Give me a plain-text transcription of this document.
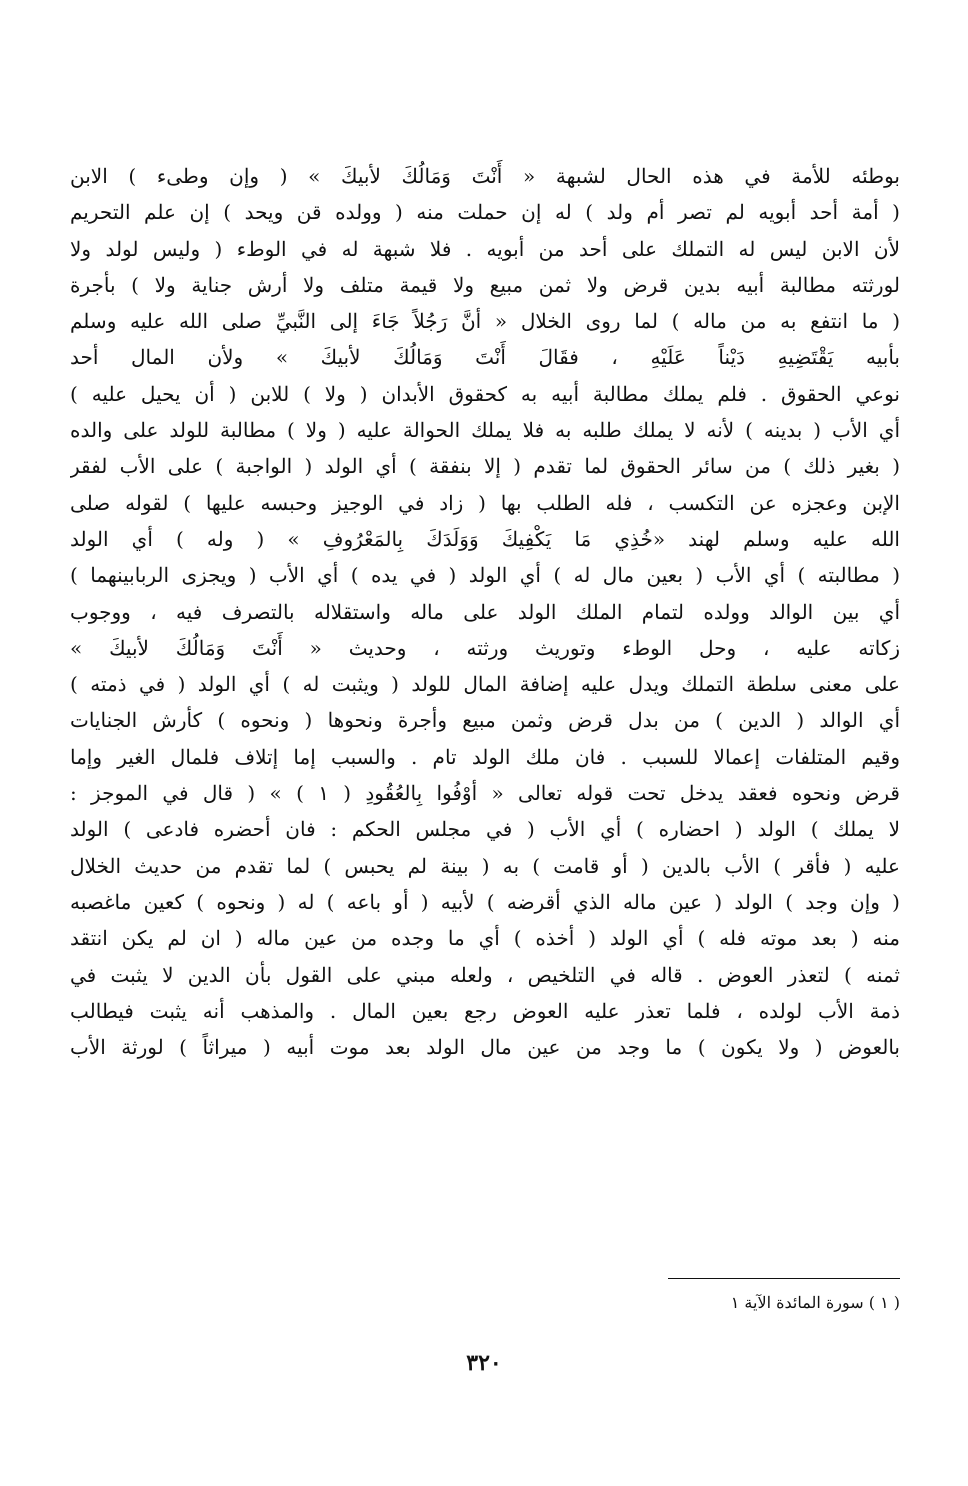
بوطئه للأمة في هذه الحال لشبهة « أَنْتَ وَمَالُكَ لأبيكَ » ( وإن وطىء ) الابن
( أمة أحد أبويه لم تصر أم ولد ) له إن حملت منه ( وولده قن ويحد ) إن علم التحريم
لأن الابن ليس له التملك على أحد من أبويه . فلا شبهة له في الوطء ( وليس لولد ولا
لورثته مطالبة أبيه بدين قرض ولا ثمن مبيع ولا قيمة متلف ولا أرش جناية ولا ) بأجرة
( ما انتفع به من ماله ) لما روى الخلال « أنَّ رَجُلاً جَاءَ إلى النَّبيِّ صلى الله عليه وسلم
بأبيه يَقْتَضِيهِ دَيْناً عَلَيْهِ ، فقَالَ أَنْتَ وَمَالُكَ لأبيكَ » ولأن المال أحد
نوعي الحقوق . فلم يملك مطالبة أبيه به كحقوق الأبدان ( ولا ) للابن ( أن يحيل عليه )
أي الأب ( بدينه ) لأنه لا يملك طلبه به فلا يملك الحوالة عليه ( ولا ) مطالبة للولد على والده
( بغير ذلك ) من سائر الحقوق لما تقدم ( إلا بنفقة ) أي الولد ( الواجبة ) على الأب لفقر
الإبن وعجزه عن التكسب ، فله الطلب بها ( زاد في الوجيز وحبسه عليها ) لقوله صلى
الله عليه وسلم لهند «خُذِي مَا يَكْفِيكَ وَوَلَدَكَ بِالمَعْرُوفِ » ( وله ) أي الولد
( مطالبته ) أي الأب ( بعين مال له ) أي الولد ( في يده ) أي الأب ( ويجزى الربابينهما )
أي بين الوالد وولده لتمام الملك الولد على ماله واستقلاله بالتصرف فيه ، ووجوب
زكاته عليه ، وحل الوطء وتوريث ورثته ، وحديث « أَنْتَ وَمَالُكَ لأبيكَ »
على معنى سلطة التملك ويدل عليه إضافة المال للولد ( ويثبت له ) أي الولد ( في ذمته )
أي الوالد ( الدين ) من بدل قرض وثمن مبيع وأجرة ونحوها ( ونحوه ) كأرش الجنايات
وقيم المتلفات إعمالا للسبب . فان ملك الولد تام . والسبب إما إتلاف فلمال الغير وإما
قرض ونحوه فعقد يدخل تحت قوله تعالى « أوْفُوا بِالعُقُودِ ( ١ ) » ( قال في الموجز :
لا يملك ) الولد ( احضاره ) أي الأب ( في مجلس الحكم : فان أحضره فادعى ) الولد
عليه ( فأقر ) الأب بالدين ( أو قامت ) به ( بينة لم يحبس ) لما تقدم من حديث الخلال
( وإن وجد ) الولد ( عين ماله الذي أقرضه ) لأبيه ( أو باعه ) له ( ونحوه ) كعين ماغصبه
منه ( بعد موته فله ) أي الولد ( أخذه ) أي ما وجده من عين ماله ( ان لم يكن انتقد
ثمنه ) لتعذر العوض . قاله في التلخيص ، ولعله مبني على القول بأن الدين لا يثبت في
ذمة الأب لولده ، فلما تعذر عليه العوض رجع بعين المال . والمذهب أنه يثبت فيطالب
بالعوض ( ولا يكون ) ما وجد من عين مال الولد بعد موت أبيه ( ميراثاً ) لورثة الأب
( ١ ) سورة المائدة الآية ١
٣٢٠
